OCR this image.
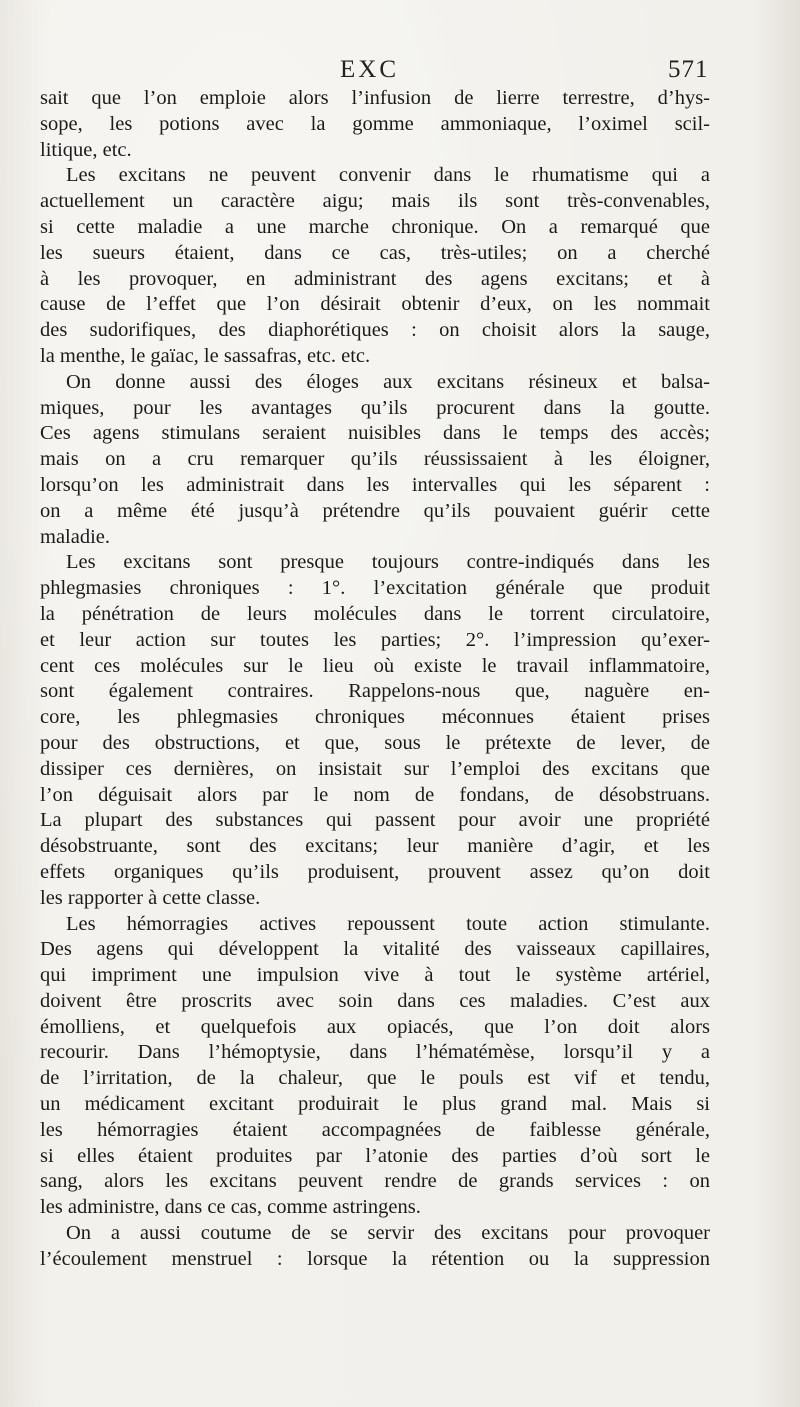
EXC	571
sait que l’on emploie alors l’infusion de lierre terrestre, d’hys-
sope, les potions avec la gomme ammoniaque, l’oximel scil-
litique, etc.
Les excitans ne peuvent convenir dans le rhumatisme qui a
actuellement un caractère aigu; mais ils sont très-convenables,
si cette maladie a une marche chronique. On a remarqué que
les sueurs étaient, dans ce cas, très-utiles; on a cherché
à les provoquer, en administrant des agens excitans; et à
cause de l’effet que l’on désirait obtenir d’eux, on les nommait
des sudorifiques, des diaphorétiques : on choisit alors la sauge,
la menthe, le gaïac, le sassafras, etc. etc.
On donne aussi des éloges aux excitans résineux et balsa-
miques, pour les avantages qu’ils procurent dans la goutte.
Ces agens stimulans seraient nuisibles dans le temps des accès;
mais on a cru remarquer qu’ils réussissaient à les éloigner,
lorsqu’on les administrait dans les intervalles qui les séparent :
on a même été jusqu’à prétendre qu’ils pouvaient guérir cette
maladie.
Les excitans sont presque toujours contre-indiqués dans les
phlegmasies chroniques : 1°. l’excitation générale que produit
la pénétration de leurs molécules dans le torrent circulatoire,
et leur action sur toutes les parties; 2°. l’impression qu’exer-
cent ces molécules sur le lieu où existe le travail inflammatoire,
sont également contraires. Rappelons-nous que, naguère en-
core, les phlegmasies chroniques méconnues étaient prises
pour des obstructions, et que, sous le prétexte de lever, de
dissiper ces dernières, on insistait sur l’emploi des excitans que
l’on déguisait alors par le nom de fondans, de désobstruans.
La plupart des substances qui passent pour avoir une propriété
désobstruante, sont des excitans; leur manière d’agir, et les
effets organiques qu’ils produisent, prouvent assez qu’on doit
les rapporter à cette classe.
Les hémorragies actives repoussent toute action stimulante.
Des agens qui développent la vitalité des vaisseaux capillaires,
qui impriment une impulsion vive à tout le système artériel,
doivent être proscrits avec soin dans ces maladies. C’est aux
émolliens, et quelquefois aux opiacés, que l’on doit alors
recourir. Dans l’hémoptysie, dans l’hématémèse, lorsqu’il y a
de l’irritation, de la chaleur, que le pouls est vif et tendu,
un médicament excitant produirait le plus grand mal. Mais si
les hémorragies étaient accompagnées de faiblesse générale,
si elles étaient produites par l’atonie des parties d’où sort le
sang, alors les excitans peuvent rendre de grands services : on
les administre, dans ce cas, comme astringens.
On a aussi coutume de se servir des excitans pour provoquer
l’écoulement menstruel : lorsque la rétention ou la suppression
